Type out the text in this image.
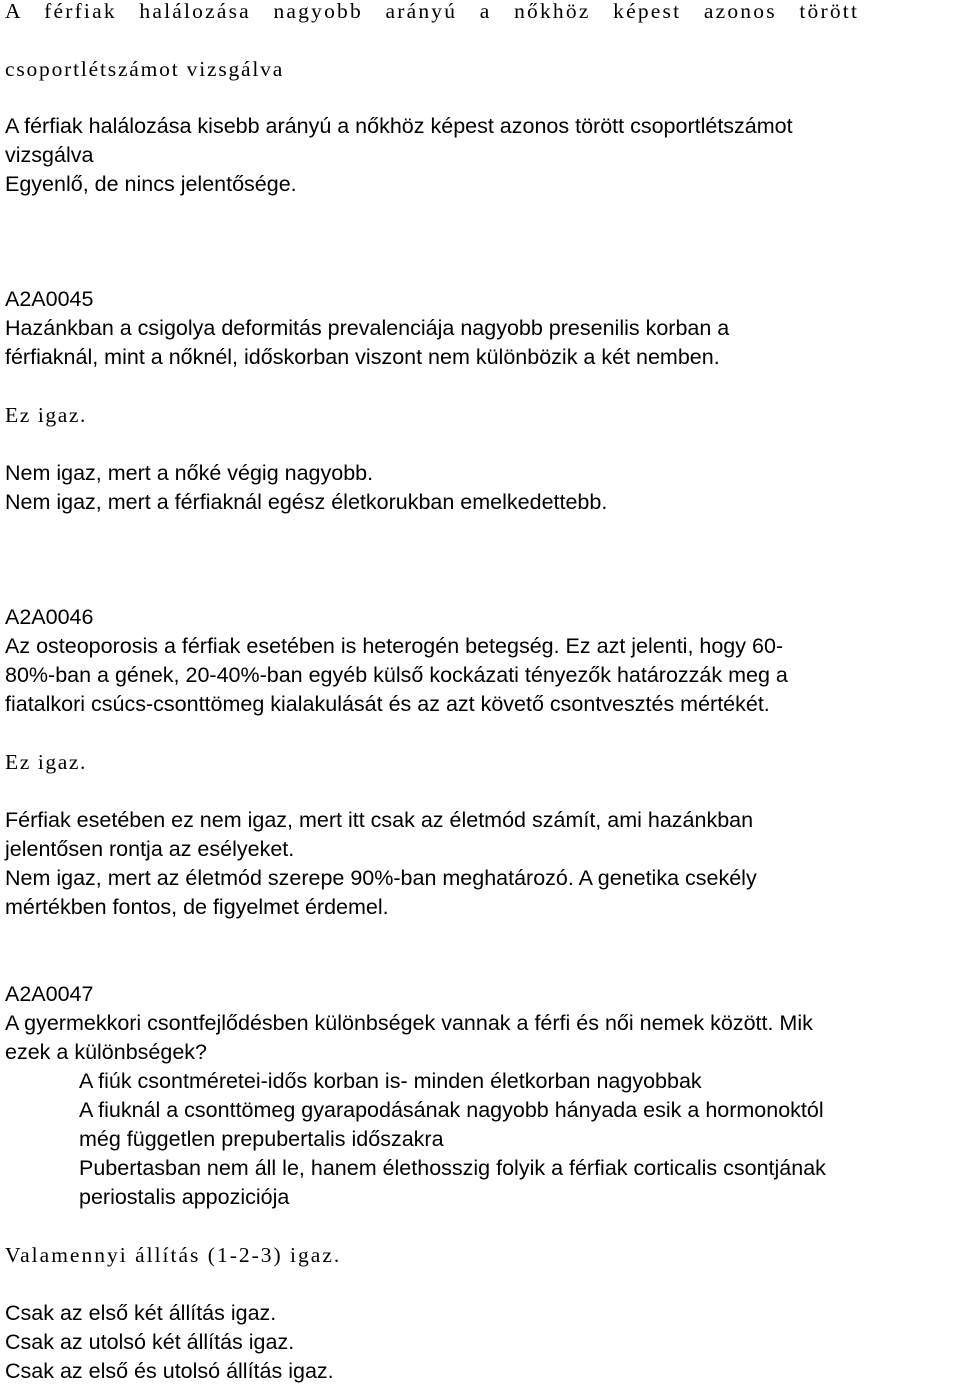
A férfiak halálozása nagyobb arányú a nőkhöz képest azonos törött
csoportlétszámot vizsgálva
A férfiak halálozása kisebb arányú a nőkhöz képest azonos törött csoportlétszámot
vizsgálva
Egyenlő, de nincs jelentősége.
A2A0045
Hazánkban a csigolya deformitás prevalenciája nagyobb presenilis korban a
férfiaknál, mint a nőknél, időskorban viszont nem különbözik a két nemben.
Ez igaz.
Nem igaz, mert a nőké végig nagyobb.
Nem igaz, mert a férfiaknál egész életkorukban emelkedettebb.
A2A0046
Az osteoporosis a férfiak esetében is heterogén betegség. Ez azt jelenti, hogy 60-
80%-ban a gének, 20-40%-ban egyéb külső kockázati tényezők határozzák meg a
fiatalkori csúcs-csonttömeg kialakulását és az azt követő csontvesztés mértékét.
Ez igaz.
Férfiak esetében ez nem igaz, mert itt csak az életmód számít, ami hazánkban
jelentősen rontja az esélyeket.
Nem igaz, mert az életmód szerepe 90%-ban meghatározó. A genetika csekély
mértékben fontos, de figyelmet érdemel.
A2A0047
A gyermekkori csontfejlődésben különbségek vannak a férfi és női nemek között. Mik
ezek a különbségek?
A fiúk csontméretei-idős korban is- minden életkorban nagyobbak
A fiuknál a csonttömeg gyarapodásának nagyobb hányada esik a hormonoktól
még független prepubertalis időszakra
Pubertasban nem áll le, hanem élethosszig folyik a férfiak corticalis csontjának
periostalis appoziciója
Valamennyi állítás (1-2-3) igaz.
Csak az első két állítás igaz.
Csak az utolsó két állítás igaz.
Csak az első és utolsó állítás igaz.
